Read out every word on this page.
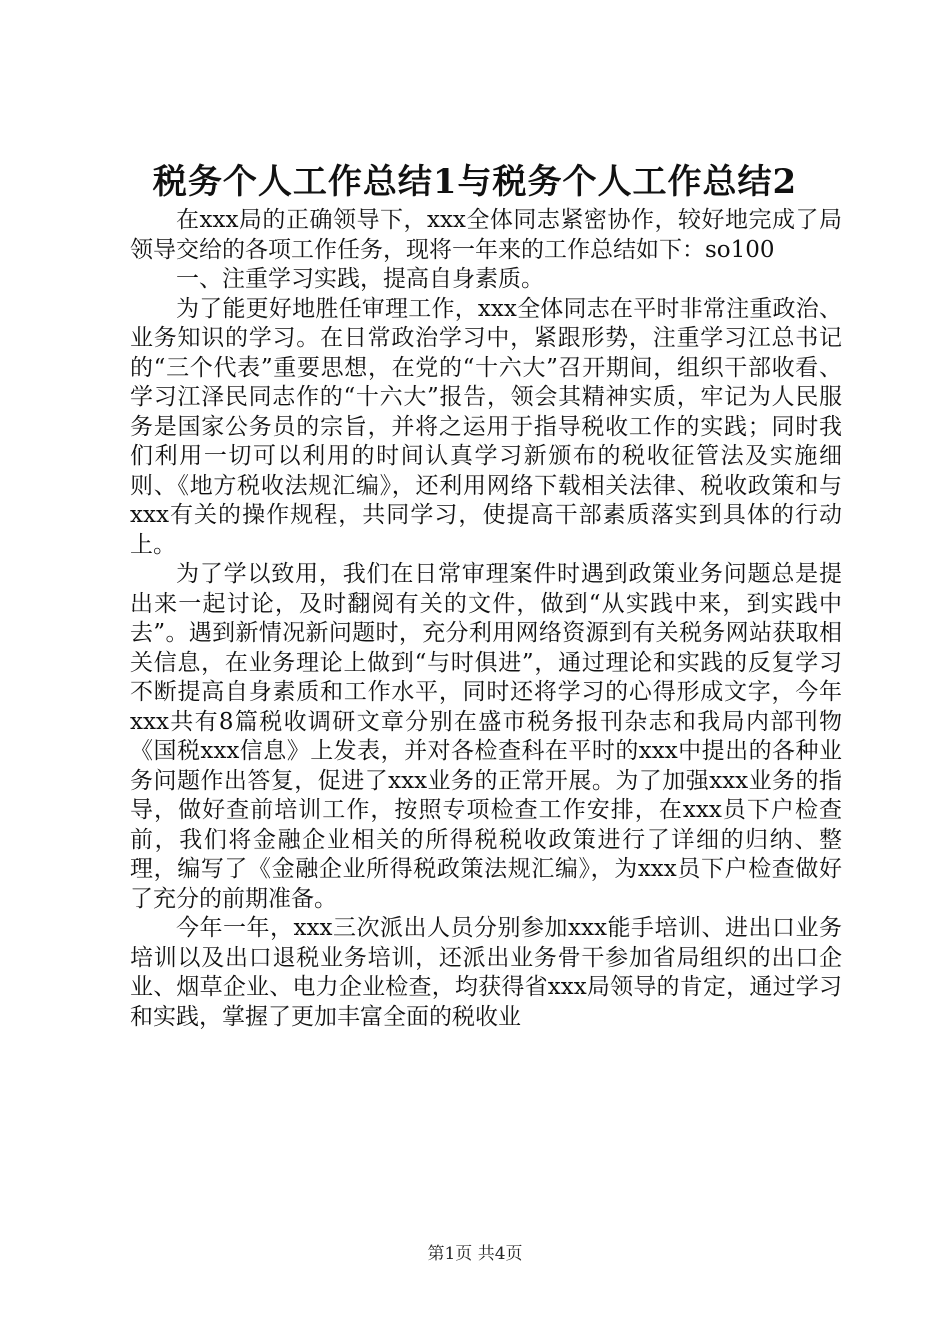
税务个人工作总结1与税务个人工作总结2

在xxx局的正确领导下，xxx全体同志紧密协作，较好地完成了局领导交给的各项工作任务，现将一年来的工作总结如下：so100

一、注重学习实践，提高自身素质。

为了能更好地胜任审理工作，xxx全体同志在平时非常注重政治、业务知识的学习。在日常政治学习中，紧跟形势，注重学习江总书记的“三个代表”重要思想，在党的“十六大”召开期间，组织干部收看、学习江泽民同志作的“十六大”报告，领会其精神实质，牢记为人民服务是国家公务员的宗旨，并将之运用于指导税收工作的实践；同时我们利用一切可以利用的时间认真学习新颁布的税收征管法及实施细则、《地方税收法规汇编》，还利用网络下载相关法律、税收政策和与xxx有关的操作规程，共同学习，使提高干部素质落实到具体的行动上。

为了学以致用，我们在日常审理案件时遇到政策业务问题总是提出来一起讨论，及时翻阅有关的文件，做到“从实践中来，到实践中去”。遇到新情况新问题时，充分利用网络资源到有关税务网站获取相关信息，在业务理论上做到“与时俱进”，通过理论和实践的反复学习不断提高自身素质和工作水平，同时还将学习的心得形成文字，今年xxx共有8篇税收调研文章分别在盛市税务报刊杂志和我局内部刊物《国税xxx信息》上发表，并对各检查科在平时的xxx中提出的各种业务问题作出答复，促进了xxx业务的正常开展。为了加强xxx业务的指导，做好查前培训工作，按照专项检查工作安排，在xxx员下户检查前，我们将金融企业相关的所得税税收政策进行了详细的归纳、整理，编写了《金融企业所得税政策法规汇编》，为xxx员下户检查做好了充分的前期准备。

今年一年，xxx三次派出人员分别参加xxx能手培训、进出口业务培训以及出口退税业务培训，还派出业务骨干参加省局组织的出口企业、烟草企业、电力企业检查，均获得省xxx局领导的肯定，通过学习和实践，掌握了更加丰富全面的税收业

第1页 共4页
